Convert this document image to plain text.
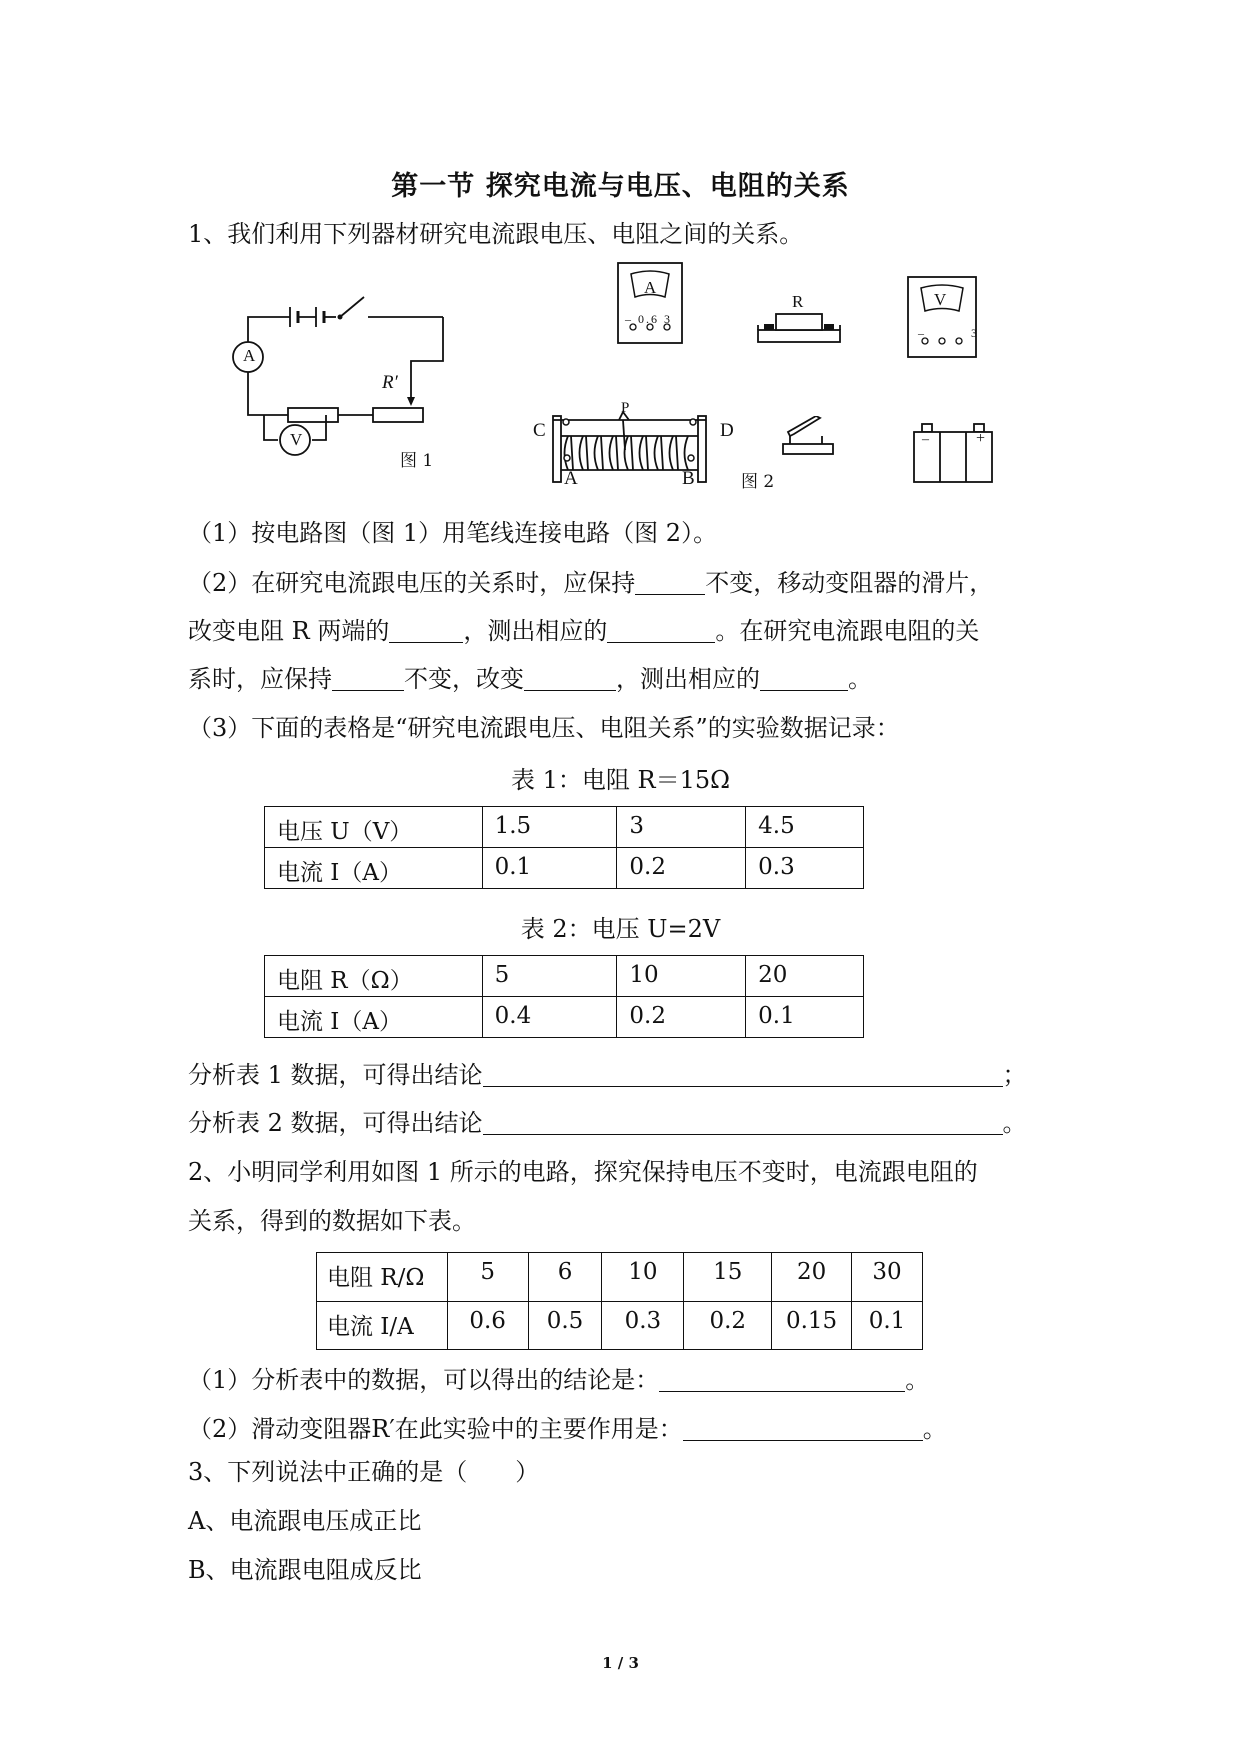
第一节 探究电流与电压、电阻的关系
1、我们利用下列器材研究电流跟电压、电阻之间的关系。
A
V
R′
图 1
A
– 0.6 3
R	V
– 3
C	D
A	B
P
–	+
图 2
（1）按电路图（图 1）用笔线连接电路（图 2）。
（2）在研究电流跟电压的关系时，应保持	不变，移动变阻器的滑片，
改变电阻 R 两端的	，测出相应的	。在研究电流跟电阻的关
系时，应保持	不变，改变	，测出相应的	。
（3）下面的表格是“研究电流跟电压、电阻关系”的实验数据记录：
表 1：电阻 R＝15Ω
电压 U（V）	1.5	3	4.5
电流 I（A）	0.1	0.2	0.3
表 2：电压 U=2V
电阻 R（Ω）	5	10	20
电流 I（A）	0.4	0.2	0.1
分析表 1 数据，可得出结论	；
分析表 2 数据，可得出结论	。
2、小明同学利用如图 1 所示的电路，探究保持电压不变时，电流跟电阻的
关系，得到的数据如下表。
电阻 R/Ω	5	6	10	15	20	30
电流 I/A	0.6	0.5	0.3	0.2	0.15	0.1
（1）分析表中的数据，可以得出的结论是：	。
（2）滑动变阻器R′在此实验中的主要作用是：	。
3、下列说法中正确的是（　　）
A、电流跟电压成正比
B、电流跟电阻成反比
1 / 3
